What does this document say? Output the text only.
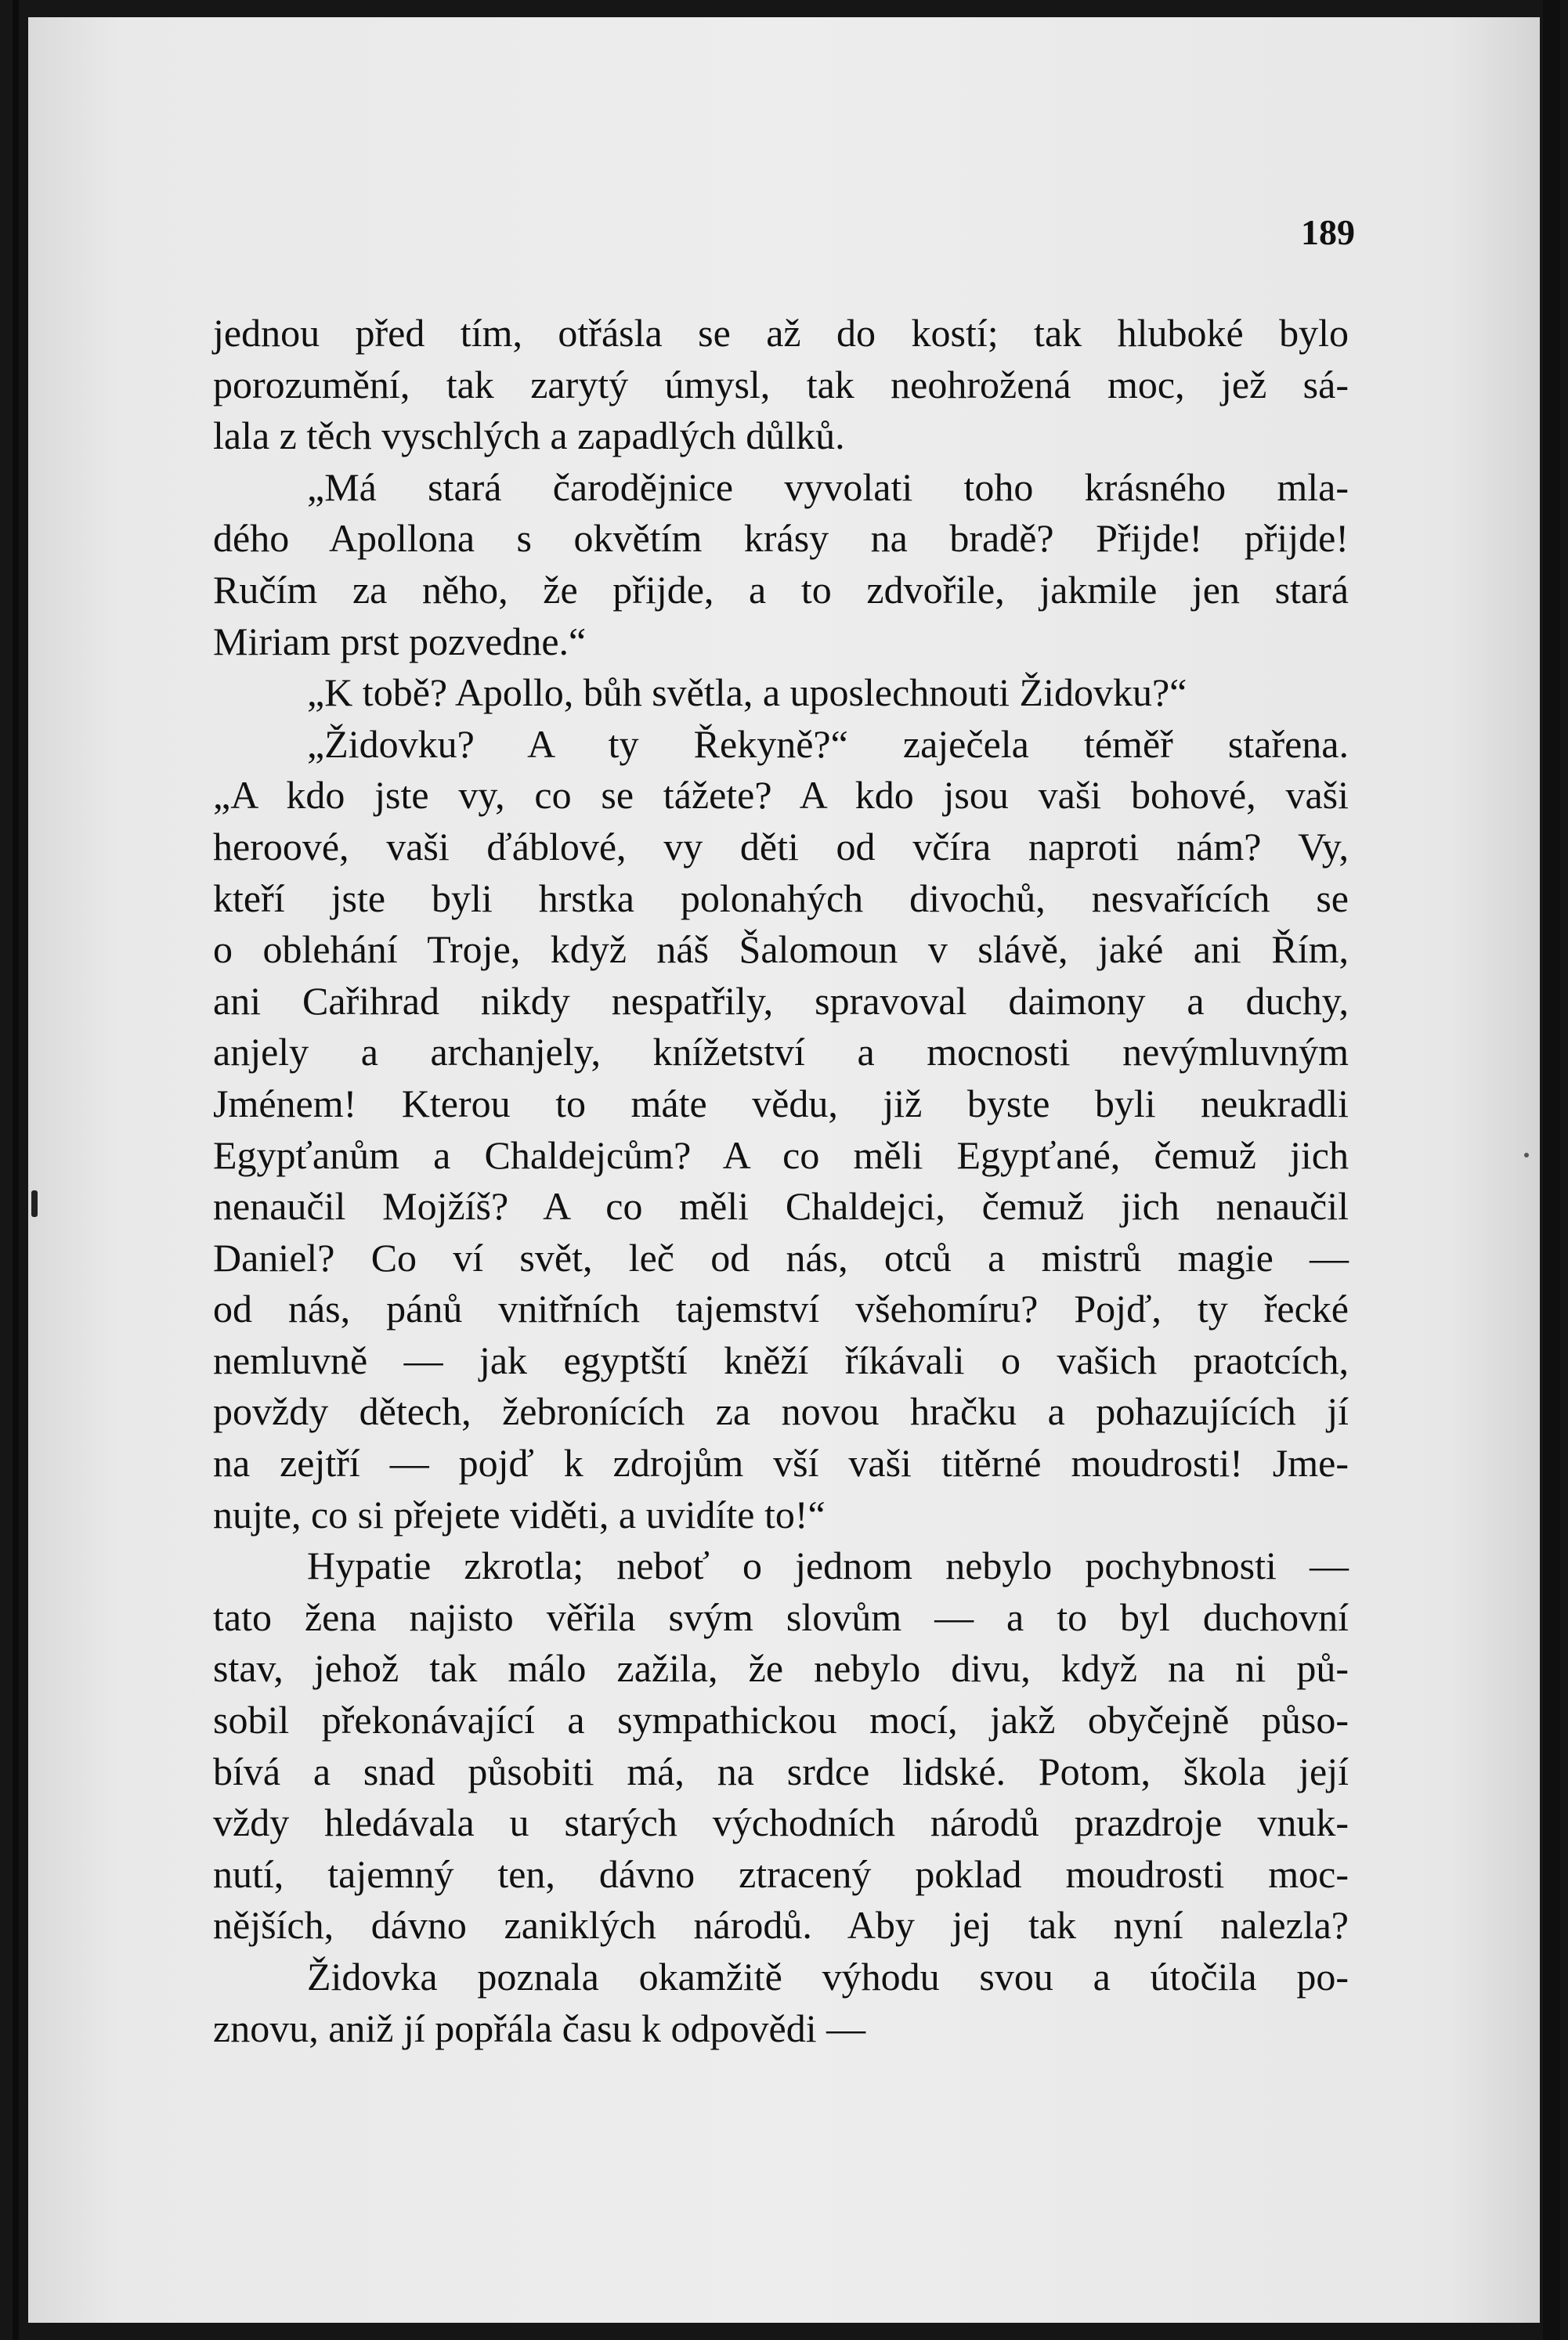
189

jednou před tím, otřásla se až do kostí; tak hluboké bylo
porozumění, tak zarytý úmysl, tak neohrožená moc, jež sá-
lala z těch vyschlých a zapadlých důlků.
„Má stará čarodějnice vyvolati toho krásného mla-
dého Apollona s okvětím krásy na bradě? Přijde! přijde!
Ručím za něho, že přijde, a to zdvořile, jakmile jen stará
Miriam prst pozvedne.“
„K tobě? Apollo, bůh světla, a uposlechnouti Židovku?“
„Židovku? A ty Řekyně?“ zaječela téměř stařena.
„A kdo jste vy, co se tážete? A kdo jsou vaši bohové, vaši
heroové, vaši ďáblové, vy děti od včíra naproti nám? Vy,
kteří jste byli hrstka polonahých divochů, nesvařících se
o oblehání Troje, když náš Šalomoun v slávě, jaké ani Řím,
ani Cařihrad nikdy nespatřily, spravoval daimony a duchy,
anjely a archanjely, knížetství a mocnosti nevýmluvným
Jménem! Kterou to máte vědu, již byste byli neukradli
Egypťanům a Chaldejcům? A co měli Egypťané, čemuž jich
nenaučil Mojžíš? A co měli Chaldejci, čemuž jich nenaučil
Daniel? Co ví svět, leč od nás, otců a mistrů magie —
od nás, pánů vnitřních tajemství všehomíru? Pojď, ty řecké
nemluvně — jak egyptští kněží říkávali o vašich praotcích,
povždy dětech, žebronících za novou hračku a pohazujících jí
na zejtří — pojď k zdrojům vší vaši titěrné moudrosti! Jme-
nujte, co si přejete viděti, a uvidíte to!“
Hypatie zkrotla; neboť o jednom nebylo pochybnosti —
tato žena najisto věřila svým slovům — a to byl duchovní
stav, jehož tak málo zažila, že nebylo divu, když na ni pů-
sobil překonávající a sympathickou mocí, jakž obyčejně půso-
bívá a snad působiti má, na srdce lidské. Potom, škola její
vždy hledávala u starých východních národů prazdroje vnuk-
nutí, tajemný ten, dávno ztracený poklad moudrosti moc-
nějších, dávno zaniklých národů. Aby jej tak nyní nalezla?
Židovka poznala okamžitě výhodu svou a útočila po-
znovu, aniž jí popřála času k odpovědi —
